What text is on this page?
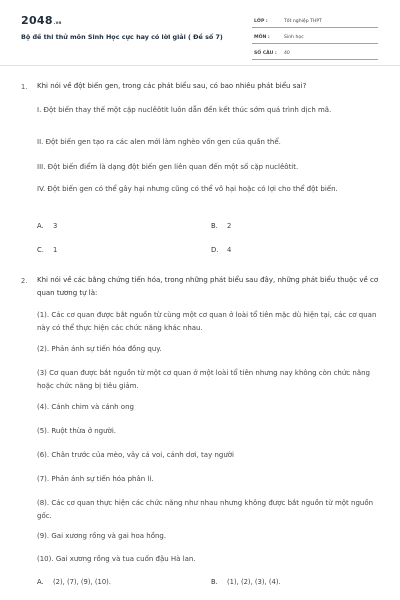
2048.vn
Bộ đề thi thử môn Sinh Học cực hay có lời giải ( Đề số 7)
LỚP :	Tốt nghiệp THPT
MÔN :	Sinh học
SỐ CÂU : 40
1. Khi nói về đột biến gen, trong các phát biểu sau, có bao nhiêu phát biểu sai?
I. Đột biến thay thế một cặp nuclêôtit luôn dẫn đến kết thúc sớm quá trình dịch mã.
II. Đột biến gen tạo ra các alen mới làm nghèo vốn gen của quần thể.
III. Đột biến điểm là dạng đột biến gen liên quan đến một số cặp nuclêôtit.
IV. Đột biến gen có thể gây hại nhưng cũng có thể vô hại hoặc có lợi cho thể đột biến.
A. 3	B. 2
C. 1	D. 4
2. Khi nói về các bằng chứng tiến hóa, trong những phát biểu sau đây, những phát biểu thuộc về cơ quan tương tự là:
(1). Các cơ quan được bắt nguồn từ cùng một cơ quan ở loài tổ tiên mặc dù hiện tại, các cơ quan này có thể thực hiện các chức năng khác nhau.
(2). Phản ánh sự tiến hóa đồng quy.
(3) Cơ quan được bắt nguồn từ một cơ quan ở một loài tổ tiên nhưng nay không còn chức năng hoặc chức năng bị tiêu giảm.
(4). Cánh chim và cánh ong
(5). Ruột thừa ở người.
(6). Chân trước của mèo, vây cá voi, cánh dơi, tay người
(7). Phản ánh sự tiến hóa phân li.
(8). Các cơ quan thực hiện các chức năng như nhau nhưng không được bắt nguồn từ một nguồn gốc.
(9). Gai xương rồng và gai hoa hồng.
(10). Gai xương rồng và tua cuốn đậu Hà lan.
A. (2), (7), (9), (10).	B. (1), (2), (3), (4).
